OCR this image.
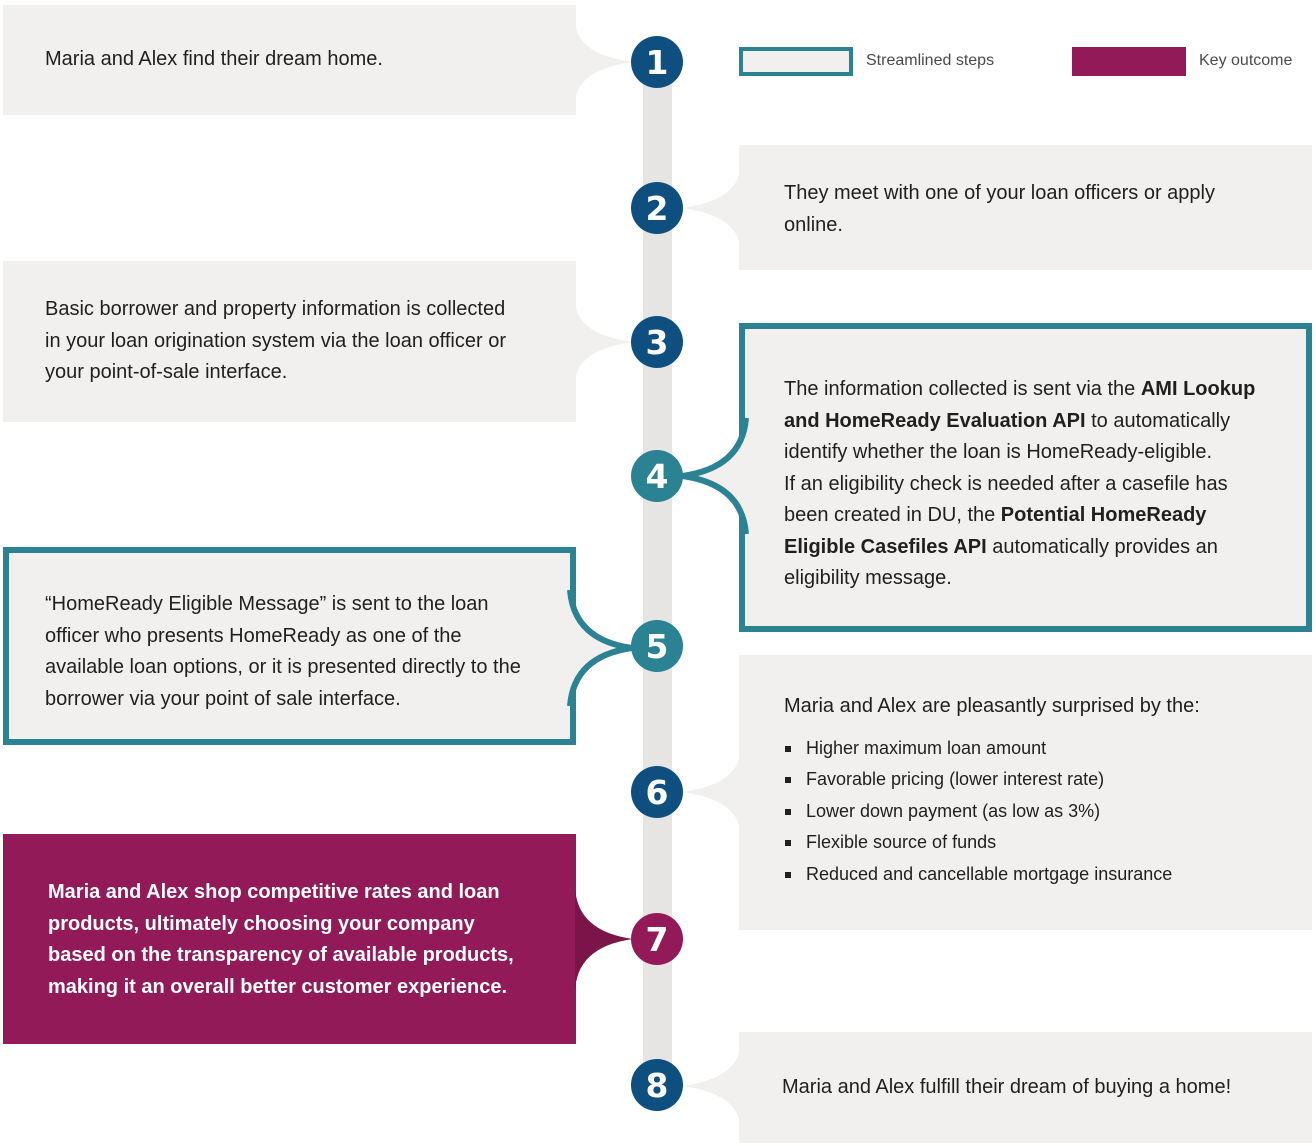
Streamlined steps	Key outcome

Maria and Alex find their dream home.

They meet with one of your loan officers or apply online.

Basic borrower and property information is collected in your loan origination system via the loan officer or your point-of-sale interface.

The information collected is sent via the AMI Lookup and HomeReady Evaluation API to automatically identify whether the loan is HomeReady-eligible.

If an eligibility check is needed after a casefile has been created in DU, the Potential HomeReady Eligible Casefiles API automatically provides an eligibility message.

“HomeReady Eligible Message” is sent to the loan officer who presents HomeReady as one of the available loan options, or it is presented directly to the borrower via your point of sale interface.	Maria and Alex are pleasantly surprised by the:

Higher maximum loan amount
Favorable pricing (lower interest rate)
Lower down payment (as low as 3%)
Flexible source of funds
Reduced and cancellable mortgage insurance

Maria and Alex shop competitive rates and loan products, ultimately choosing your company based on the transparency of available products, making it an overall better customer experience.

Maria and Alex fulfill their dream of buying a home!

1
2
3
4
5
6
7
8
